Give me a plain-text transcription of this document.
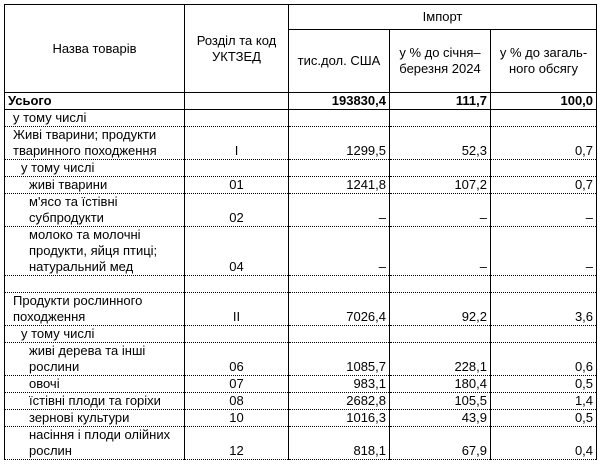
Назва товарів	Розділ та код УКТЗЕД	Імпорт		
		тис.дол. США	у % до січня–березня 2024	у % до загаль-ного обсягу
Усього		193830,4	111,7	100,0
у тому числі				
Живі тварини; продукти тваринного походження	I	1299,5	52,3	0,7
у тому числі				
живі тварини	01	1241,8	107,2	0,7
м'ясо та їстівні субпродукти	02	–	–	–
молоко та молочні продукти, яйця птиці; натуральний мед	04	–	–	–

Продукти рослинного походження	II	7026,4	92,2	3,6
у тому числі				
живі дерева та інші рослини	06	1085,7	228,1	0,6
овочі	07	983,1	180,4	0,5
їстівні плоди та горіхи	08	2682,8	105,5	1,4
зернові культури	10	1016,3	43,9	0,5
насіння і плоди олійних рослин	12	818,1	67,9	0,4
